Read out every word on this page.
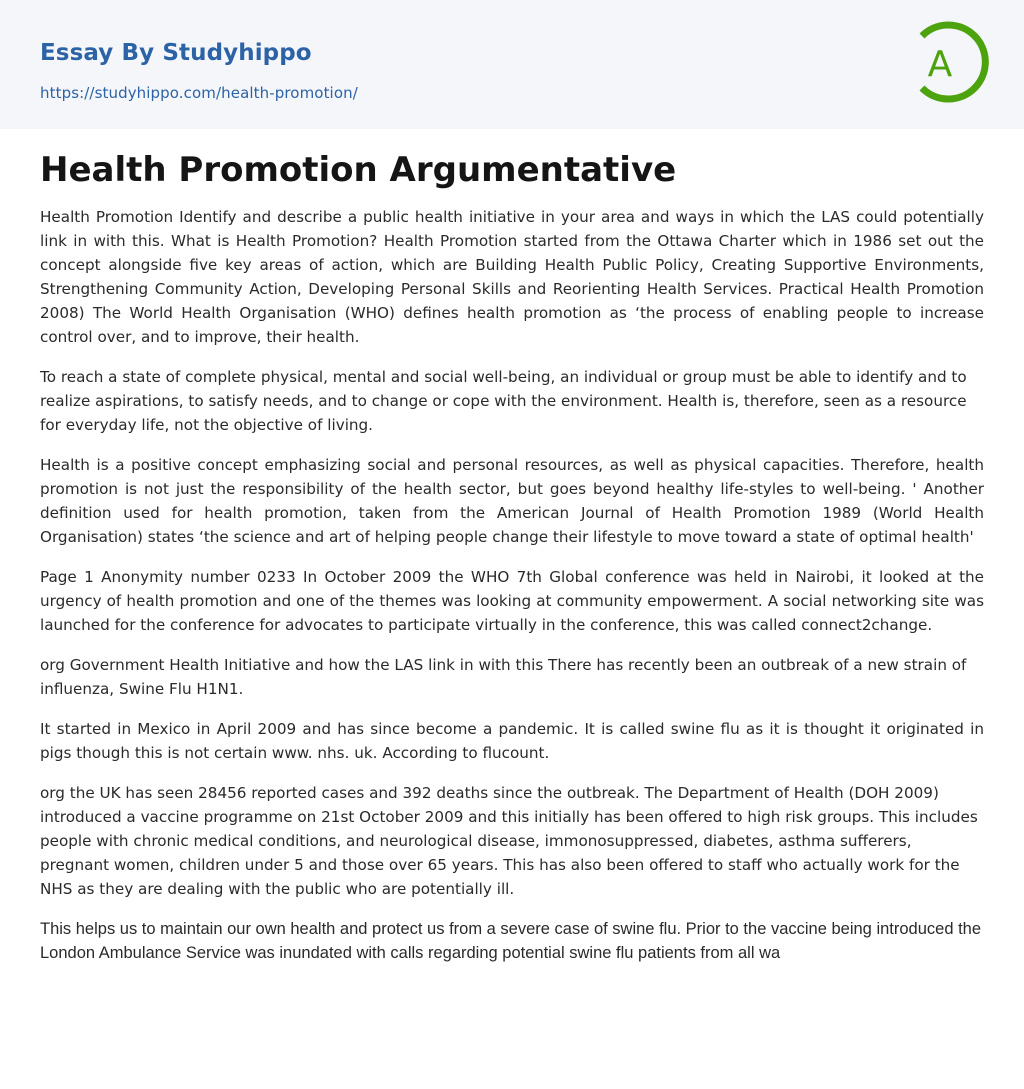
Essay By Studyhippo
https://studyhippo.com/health-promotion/
A
Health Promotion Argumentative

Health Promotion Identify and describe a public health initiative in your area and ways in which the LAS could potentially link in with this. What is Health Promotion? Health Promotion started from the Ottawa Charter which in 1986 set out the concept alongside five key areas of action, which are Building Health Public Policy, Creating Supportive Environments, Strengthening Community Action, Developing Personal Skills and Reorienting Health Services. Practical Health Promotion 2008) The World Health Organisation (WHO) defines health promotion as ‘the process of enabling people to increase control over, and to improve, their health.

To reach a state of complete physical, mental and social well-being, an individual or group must be able to identify and to realize aspirations, to satisfy needs, and to change or cope with the environment. Health is, therefore, seen as a resource for everyday life, not the objective of living.

Health is a positive concept emphasizing social and personal resources, as well as physical capacities. Therefore, health promotion is not just the responsibility of the health sector, but goes beyond healthy life-styles to well-being. ' Another definition used for health promotion, taken from the American Journal of Health Promotion 1989 (World Health Organisation) states ‘the science and art of helping people change their lifestyle to move toward a state of optimal health'

Page 1 Anonymity number 0233 In October 2009 the WHO 7th Global conference was held in Nairobi, it looked at the urgency of health promotion and one of the themes was looking at community empowerment. A social networking site was launched for the conference for advocates to participate virtually in the conference, this was called connect2change.

org Government Health Initiative and how the LAS link in with this There has recently been an outbreak of a new strain of influenza, Swine Flu H1N1.

It started in Mexico in April 2009 and has since become a pandemic. It is called swine flu as it is thought it originated in pigs though this is not certain www. nhs. uk. According to flucount.

org the UK has seen 28456 reported cases and 392 deaths since the outbreak. The Department of Health (DOH 2009) introduced a vaccine programme on 21st October 2009 and this initially has been offered to high risk groups. This includes people with chronic medical conditions, and neurological disease, immonosuppressed, diabetes, asthma sufferers, pregnant women, children under 5 and those over 65 years. This has also been offered to staff who actually work for the NHS as they are dealing with the public who are potentially ill.

This helps us to maintain our own health and protect us from a severe case of swine flu. Prior to the vaccine being introduced the London Ambulance Service was inundated with calls regarding potential swine flu patients from all wa
